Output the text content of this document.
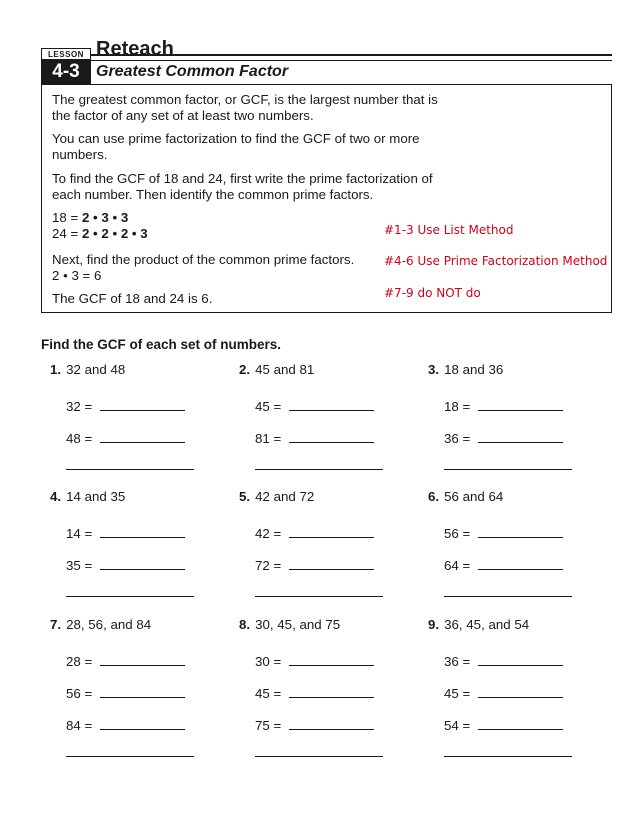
LESSON
4-3
Reteach
Greatest Common Factor
The greatest common factor, or GCF, is the largest number that is
the factor of any set of at least two numbers.
You can use prime factorization to find the GCF of two or more
numbers.
To find the GCF of 18 and 24, first write the prime factorization of
each number. Then identify the common prime factors.
18 = 2 • 3 • 3
24 = 2 • 2 • 2 • 3
Next, find the product of the common prime factors.
2 • 3 = 6
The GCF of 18 and 24 is 6.
#1-3 Use List Method
#4-6 Use Prime Factorization Method
#7-9 do NOT do
Find the GCF of each set of numbers.
1. 32 and 48
32 =
48 =
2. 45 and 81
45 =
81 =
3. 18 and 36
18 =
36 =
4. 14 and 35
14 =
35 =
5. 42 and 72
42 =
72 =
6. 56 and 64
56 =
64 =
7. 28, 56, and 84
28 =
56 =
84 =
8. 30, 45, and 75
30 =
45 =
75 =
9. 36, 45, and 54
36 =
45 =
54 =
